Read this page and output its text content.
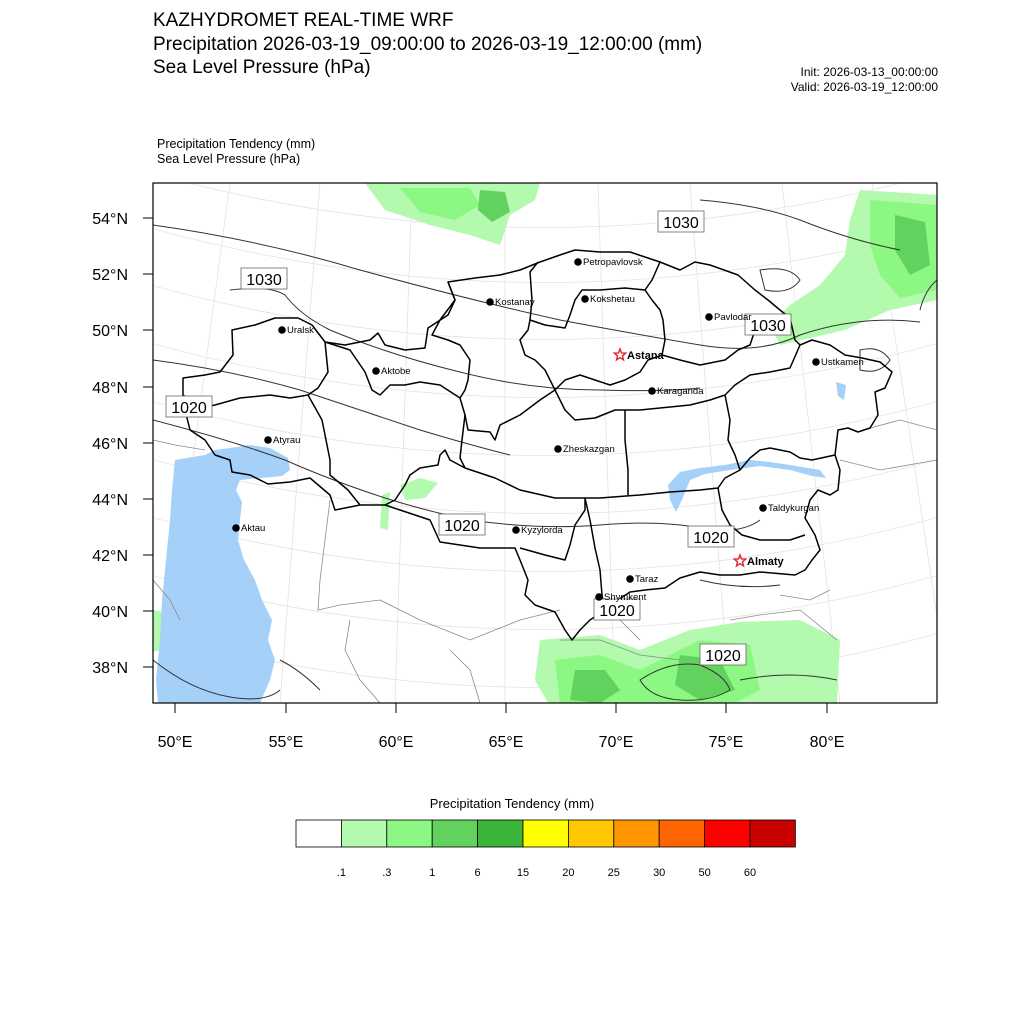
KAZHYDROMET REAL-TIME WRF
Precipitation 2026-03-19_09:00:00 to 2026-03-19_12:00:00 (mm)
Sea Level Pressure (hPa)	Init: 2026-03-13_00:00:00
Valid: 2026-03-19_12:00:00
Precipitation Tendency (mm)
Sea Level Pressure (hPa)
54°N
52°N
50°N
48°N
46°N
44°N
42°N
40°N
38°N
50°E	55°E	60°E	65°E	70°E	75°E	80°E
1030
1030
1030
1020
1020
1020
1020
1020
Petropavlovsk
Kostanay	Kokshetau
Pavlodar
Uralsk
Astana
Aktobe
Ustkamen
Karaganda
Atyrau
Zheskazgan
Aktau
Taldykurgan
Kyzylorda
Almaty
Taraz
Shymkent
Precipitation Tendency (mm)
.1	.3	1	6	15	20	25	30	50	60
